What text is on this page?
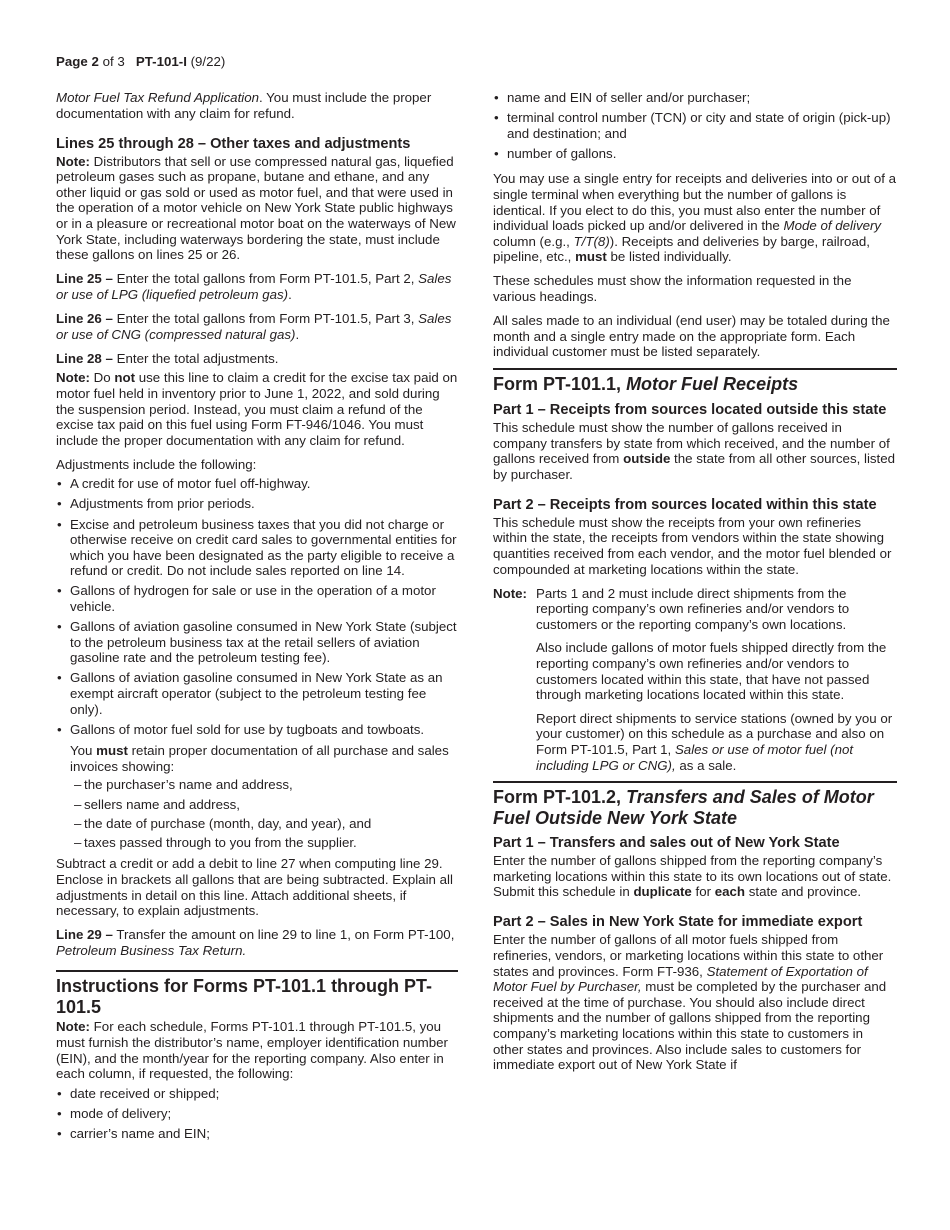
Page 2 of 3 PT-101-I (9/22)

Motor Fuel Tax Refund Application. You must include the proper documentation with any claim for refund.

Lines 25 through 28 – Other taxes and adjustments

Note: Distributors that sell or use compressed natural gas, liquefied petroleum gases such as propane, butane and ethane, and any other liquid or gas sold or used as motor fuel, and that were used in the operation of a motor vehicle on New York State public highways or in a pleasure or recreational motor boat on the waterways of New York State, including waterways bordering the state, must include these gallons on lines 25 or 26.

Line 25 – Enter the total gallons from Form PT-101.5, Part 2, Sales or use of LPG (liquefied petroleum gas).

Line 26 – Enter the total gallons from Form PT-101.5, Part 3, Sales or use of CNG (compressed natural gas).

Line 28 – Enter the total adjustments.

Note: Do not use this line to claim a credit for the excise tax paid on motor fuel held in inventory prior to June 1, 2022, and sold during the suspension period. Instead, you must claim a refund of the excise tax paid on this fuel using Form FT-946/1046. You must include the proper documentation with any claim for refund.

Adjustments include the following:

• A credit for use of motor fuel off-highway.
• Adjustments from prior periods.
• Excise and petroleum business taxes that you did not charge or otherwise receive on credit card sales to governmental entities for which you have been designated as the party eligible to receive a refund or credit. Do not include sales reported on line 14.
• Gallons of hydrogen for sale or use in the operation of a motor vehicle.
• Gallons of aviation gasoline consumed in New York State (subject to the petroleum business tax at the retail sellers of aviation gasoline rate and the petroleum testing fee).
• Gallons of aviation gasoline consumed in New York State as an exempt aircraft operator (subject to the petroleum testing fee only).
• Gallons of motor fuel sold for use by tugboats and towboats.

You must retain proper documentation of all purchase and sales invoices showing:

– the purchaser’s name and address,
– sellers name and address,
– the date of purchase (month, day, and year), and
– taxes passed through to you from the supplier.

Subtract a credit or add a debit to line 27 when computing line 29. Enclose in brackets all gallons that are being subtracted. Explain all adjustments in detail on this line. Attach additional sheets, if necessary, to explain adjustments.

Line 29 – Transfer the amount on line 29 to line 1, on Form PT-100, Petroleum Business Tax Return.

Instructions for Forms PT-101.1 through PT-101.5

Note: For each schedule, Forms PT-101.1 through PT-101.5, you must furnish the distributor’s name, employer identification number (EIN), and the month/year for the reporting company. Also enter in each column, if requested, the following:

• date received or shipped;
• mode of delivery;
• carrier’s name and EIN;
• name and EIN of seller and/or purchaser;
• terminal control number (TCN) or city and state of origin (pick-up) and destination; and
• number of gallons.

You may use a single entry for receipts and deliveries into or out of a single terminal when everything but the number of gallons is identical. If you elect to do this, you must also enter the number of individual loads picked up and/or delivered in the Mode of delivery column (e.g., T/T(8)). Receipts and deliveries by barge, railroad, pipeline, etc., must be listed individually.

These schedules must show the information requested in the various headings.

All sales made to an individual (end user) may be totaled during the month and a single entry made on the appropriate form. Each individual customer must be listed separately.

Form PT-101.1, Motor Fuel Receipts
Part 1 – Receipts from sources located outside this state

This schedule must show the number of gallons received in company transfers by state from which received, and the number of gallons received from outside the state from all other sources, listed by purchaser.

Part 2 – Receipts from sources located within this state

This schedule must show the receipts from your own refineries within the state, the receipts from vendors within the state showing quantities received from each vendor, and the motor fuel blended or compounded at marketing locations within the state.

Note: Parts 1 and 2 must include direct shipments from the reporting company’s own refineries and/or vendors to customers or the reporting company’s own locations.

Also include gallons of motor fuels shipped directly from the reporting company’s own refineries and/or vendors to customers located within this state, that have not passed through marketing locations located within this state.

Report direct shipments to service stations (owned by you or your customer) on this schedule as a purchase and also on Form PT-101.5, Part 1, Sales or use of motor fuel (not including LPG or CNG), as a sale.

Form PT-101.2, Transfers and Sales of Motor Fuel Outside New York State
Part 1 – Transfers and sales out of New York State

Enter the number of gallons shipped from the reporting company’s marketing locations within this state to its own locations out of state. Submit this schedule in duplicate for each state and province.

Part 2 – Sales in New York State for immediate export

Enter the number of gallons of all motor fuels shipped from refineries, vendors, or marketing locations within this state to other states and provinces. Form FT-936, Statement of Exportation of Motor Fuel by Purchaser, must be completed by the purchaser and received at the time of purchase. You should also include direct shipments and the number of gallons shipped from the reporting company’s marketing locations within this state to customers in other states and provinces. Also include sales to customers for immediate export out of New York State if
